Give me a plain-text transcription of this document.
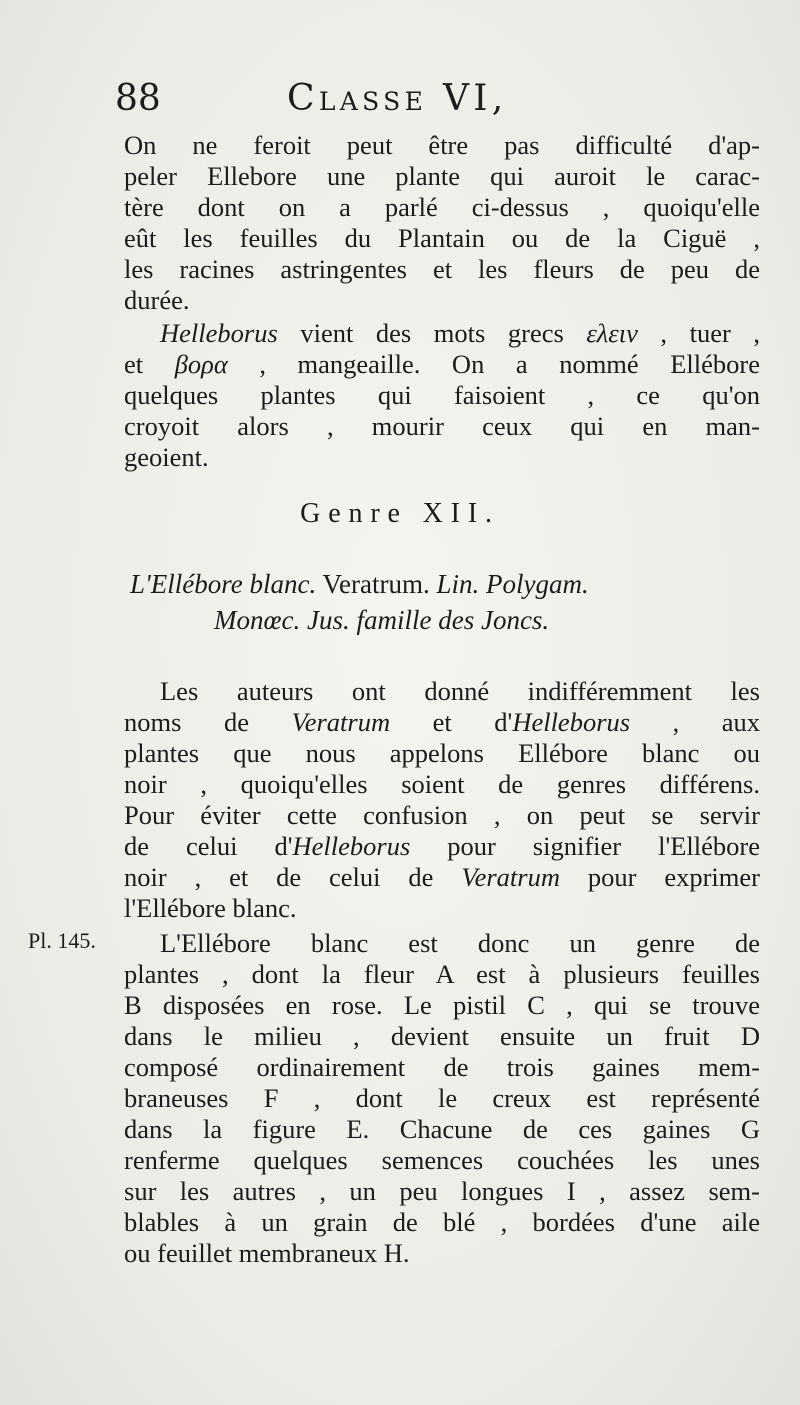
88	Classe VI,
On ne feroit peut être pas difficulté d'ap-
peler Ellebore une plante qui auroit le carac-
tère dont on a parlé ci-dessus , quoiqu'elle
eût les feuilles du Plantain ou de la Ciguë ,
les racines astringentes et les fleurs de peu de
durée.
Helleborus vient des mots grecs ελειν , tuer ,
et βορα , mangeaille. On a nommé Ellébore
quelques plantes qui faisoient , ce qu'on
croyoit alors , mourir ceux qui en man-
geoient.
Genre XII.
L'Ellébore blanc. Veratrum. Lin. Polygam.
Monœc. Jus. famille des Joncs.
Les auteurs ont donné indifféremment les
noms de Veratrum et d'Helleborus , aux
plantes que nous appelons Ellébore blanc ou
noir , quoiqu'elles soient de genres différens.
Pour éviter cette confusion , on peut se servir
de celui d'Helleborus pour signifier l'Ellébore
noir , et de celui de Veratrum pour exprimer
l'Ellébore blanc.
Pl. 145.	L'Ellébore blanc est donc un genre de
plantes , dont la fleur A est à plusieurs feuilles
B disposées en rose. Le pistil C , qui se trouve
dans le milieu , devient ensuite un fruit D
composé ordinairement de trois gaines mem-
braneuses F , dont le creux est représenté
dans la figure E. Chacune de ces gaines G
renferme quelques semences couchées les unes
sur les autres , un peu longues I , assez sem-
blables à un grain de blé , bordées d'une aile
ou feuillet membraneux H.
